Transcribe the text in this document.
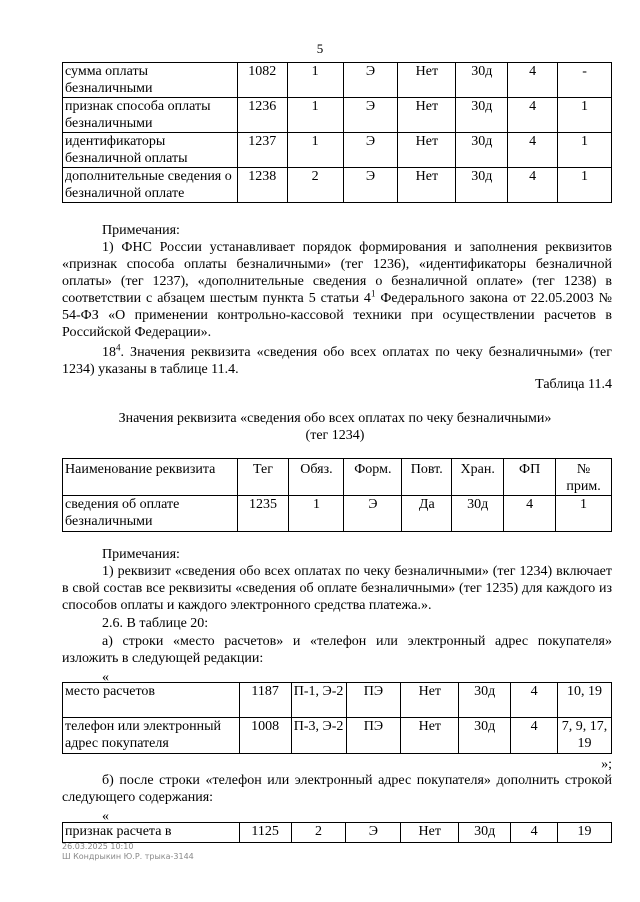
5
сумма оплаты безналичными	1082	1	Э	Нет	30д	4	-
признак способа оплаты безналичными	1236	1	Э	Нет	30д	4	1
идентификаторы безналичной оплаты	1237	1	Э	Нет	30д	4	1
дополнительные сведения о безналичной оплате	1238	2	Э	Нет	30д	4	1

Примечания:

1) ФНС России устанавливает порядок формирования и заполнения реквизитов «признак способа оплаты безналичными» (тег 1236), «идентификаторы безналичной оплаты» (тег 1237), «дополнительные сведения о безналичной оплате» (тег 1238) в соответствии с абзацем шестым пункта 5 статьи $4^1$ Федерального закона от 22.05.2003 № 54-ФЗ «О применении контрольно-кассовой техники при осуществлении расчетов в Российской Федерации».

$18^4$. Значения реквизита «сведения обо всех оплатах по чеку безналичными» (тег 1234) указаны в таблице 11.4.

Таблица 11.4
Значения реквизита «сведения обо всех оплатах по чеку безналичными» (тег 1234)
Наименование реквизита	Тег	Обяз.	Форм.	Повт.	Хран.	ФП	№ прим.
сведения об оплате безналичными	1235	1	Э	Да	30д	4	1

Примечания:

1) реквизит «сведения обо всех оплатах по чеку безналичными» (тег 1234) включает в свой состав все реквизиты «сведения об оплате безналичными» (тег 1235) для каждого из способов оплаты и каждого электронного средства платежа.».

2.6. В таблице 20:

а) строки «место расчетов» и «телефон или электронный адрес покупателя» изложить в следующей редакции:

«

место расчетов	1187	П-1, Э-2	ПЭ	Нет	30д	4	10, 19
телефон или электронный адрес покупателя	1008	П-3, Э-2	ПЭ	Нет	30д	4	7, 9, 17, 19
»;

б) после строки «телефон или электронный адрес покупателя» дополнить строкой следующего содержания:

«

признак расчета в	1125	2	Э	Нет	30д	4	19
26.03.2025 10:10
Ш Кондрыкин Ю.Р. трыка-3144
